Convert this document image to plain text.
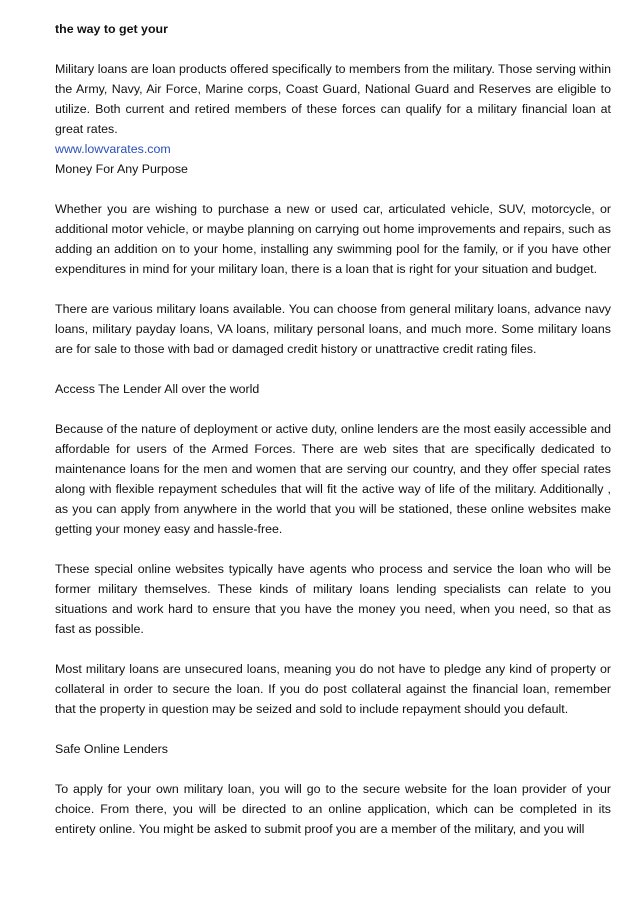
the way to get your
Military loans are loan products offered specifically to members from the military. Those serving within the Army, Navy, Air Force, Marine corps, Coast Guard, National Guard and Reserves are eligible to utilize. Both current and retired members of these forces can qualify for a military financial loan at great rates.
www.lowvarates.com
Money For Any Purpose
Whether you are wishing to purchase a new or used car, articulated vehicle, SUV, motorcycle, or additional motor vehicle, or maybe planning on carrying out home improvements and repairs, such as adding an addition on to your home, installing any swimming pool for the family, or if you have other expenditures in mind for your military loan, there is a loan that is right for your situation and budget.
There are various military loans available. You can choose from general military loans, advance navy loans, military payday loans, VA loans, military personal loans, and much more. Some military loans are for sale to those with bad or damaged credit history or unattractive credit rating files.
Access The Lender All over the world
Because of the nature of deployment or active duty, online lenders are the most easily accessible and affordable for users of the Armed Forces. There are web sites that are specifically dedicated to maintenance loans for the men and women that are serving our country, and they offer special rates along with flexible repayment schedules that will fit the active way of life of the military. Additionally , as you can apply from anywhere in the world that you will be stationed, these online websites make getting your money easy and hassle-free.
These special online websites typically have agents who process and service the loan who will be former military themselves. These kinds of military loans lending specialists can relate to you situations and work hard to ensure that you have the money you need, when you need, so that as fast as possible.
Most military loans are unsecured loans, meaning you do not have to pledge any kind of property or collateral in order to secure the loan. If you do post collateral against the financial loan, remember that the property in question may be seized and sold to include repayment should you default.
Safe Online Lenders
To apply for your own military loan, you will go to the secure website for the loan provider of your choice. From there, you will be directed to an online application, which can be completed in its entirety online. You might be asked to submit proof you are a member of the military, and you will
